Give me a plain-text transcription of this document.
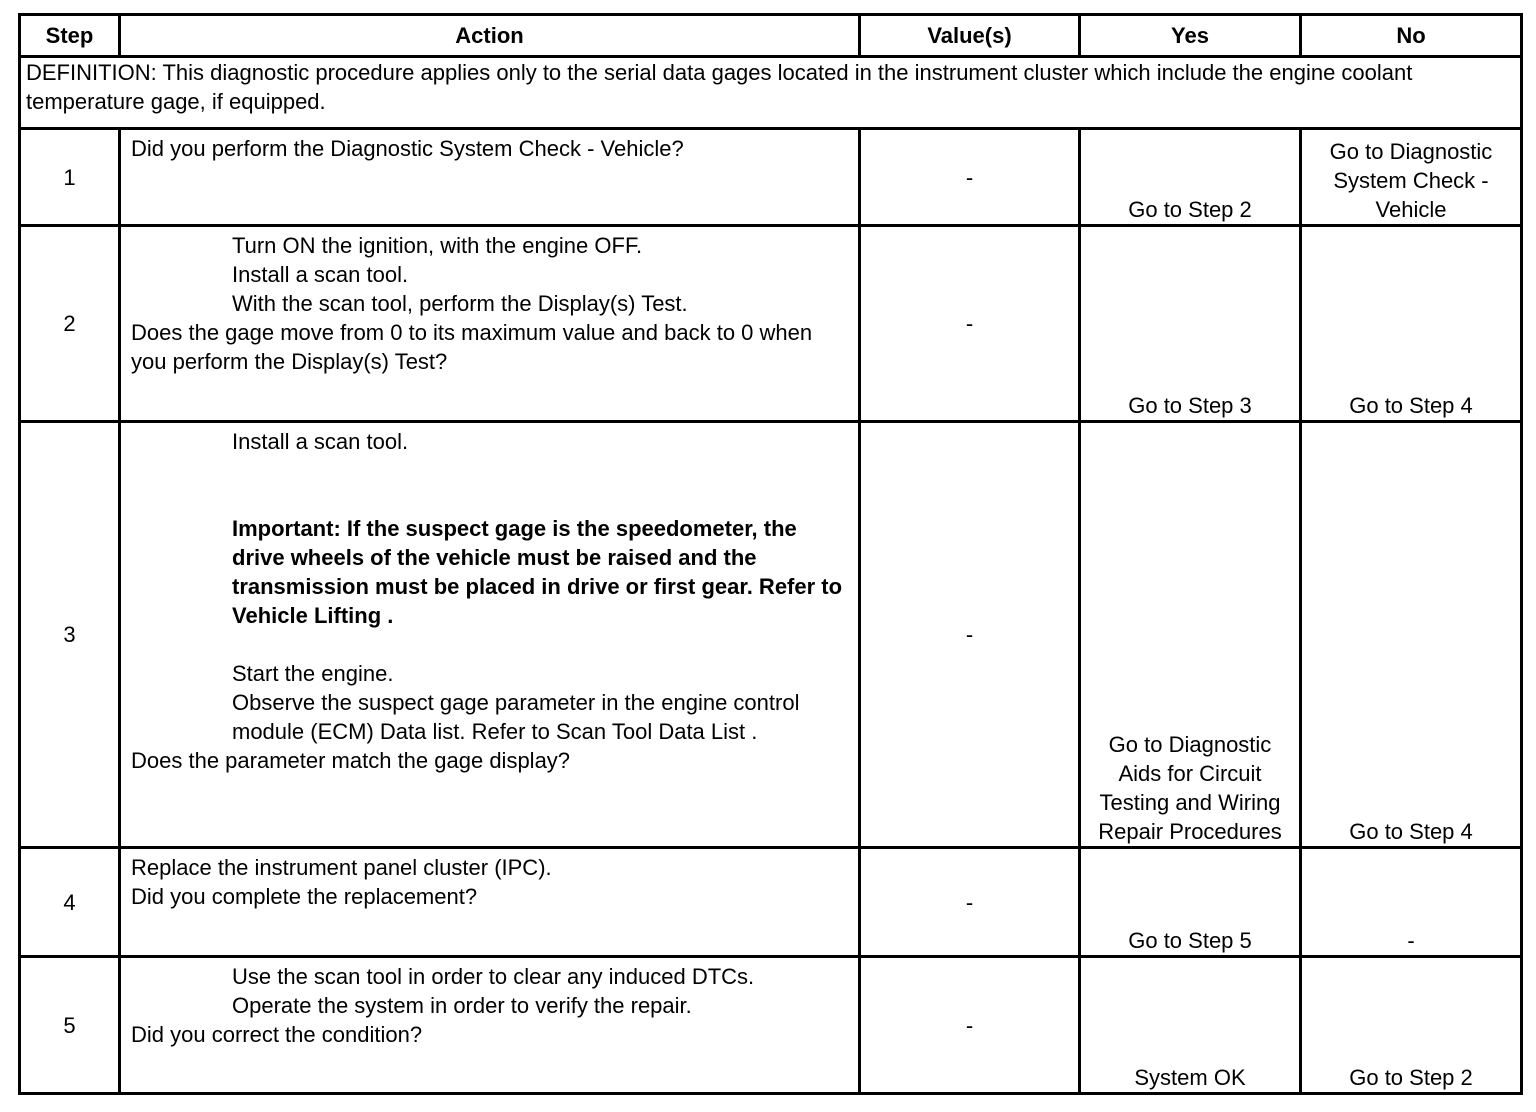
Step	Action	Value(s)	Yes	No
DEFINITION: This diagnostic procedure applies only to the serial data gages located in the instrument cluster which include the engine coolant temperature gage, if equipped.				
1	Did you perform the Diagnostic System Check - Vehicle?	-	Go to Step 2	Go to Diagnostic System Check - Vehicle
2	Turn ON the ignition, with the engine OFF.

Install a scan tool.

With the scan tool, perform the Display(s) Test.

Does the gage move from 0 to its maximum value and back to 0 when you perform the Display(s) Test?	-	Go to Step 3	Go to Step 4
3	Install a scan tool.

Important: If the suspect gage is the speedometer, the drive wheels of the vehicle must be raised and the transmission must be placed in drive or first gear. Refer to Vehicle Lifting .

Start the engine.

Observe the suspect gage parameter in the engine control module (ECM) Data list. Refer to Scan Tool Data List .

Does the parameter match the gage display?	-	Go to Diagnostic Aids for Circuit Testing and Wiring Repair Procedures	Go to Step 4
4	Replace the instrument panel cluster (IPC).

Did you complete the replacement?	-	Go to Step 5	-
5	Use the scan tool in order to clear any induced DTCs.

Operate the system in order to verify the repair.

Did you correct the condition?	-	System OK	Go to Step 2
